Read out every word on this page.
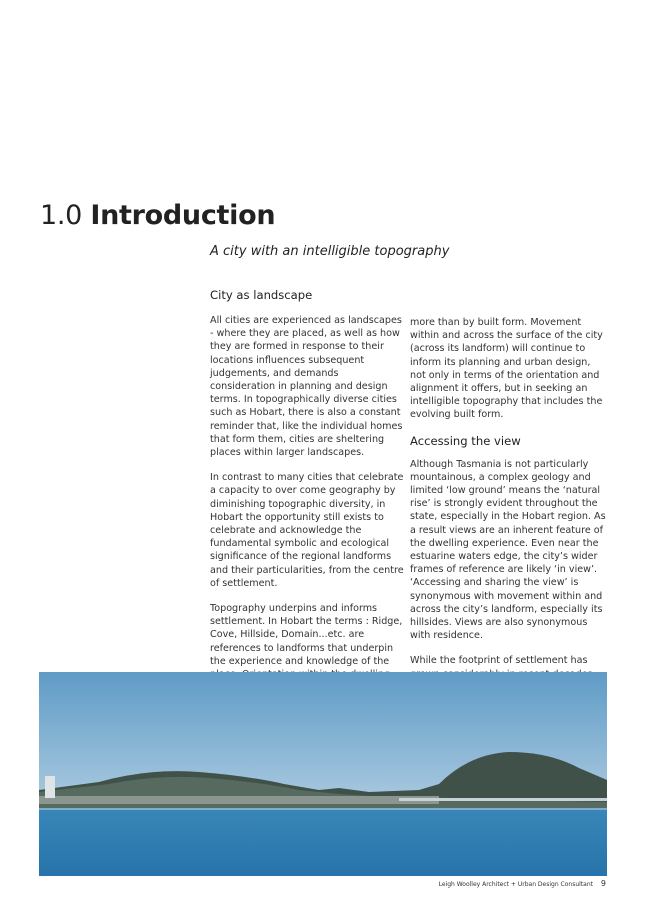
1.0 Introduction
A city with an intelligible topography
City as landscape

All cities are experienced as landscapes - where they are placed, as well as how they are formed in response to their locations influences subsequent judgements, and demands consideration in planning and design terms. In topographically diverse cities such as Hobart, there is also a constant reminder that, like the individual homes that form them, cities are sheltering places within larger landscapes.

In contrast to many cities that celebrate a capacity to over come geography by diminishing topographic diversity, in Hobart the opportunity still exists to celebrate and acknowledge the fundamental symbolic and ecological significance of the regional landforms and their particularities, from the centre of settlement.

Topography underpins and informs settlement. In Hobart the terms : Ridge, Cove, Hillside, Domain...etc. are references to landforms that underpin the experience and knowledge of the

more than by built form. Movement within and across the surface of the city (across its landform) will continue to inform its planning and urban design, not only in terms of the orientation and alignment it offers, but in seeking an intelligible topography that includes the evolving built form.

Accessing the view

Although Tasmania is not particularly mountainous, a complex geology and limited ‘low ground’ means the ‘natural rise’ is strongly evident throughout the state, especially in the Hobart region. As a result views are an inherent feature of the dwelling experience. Even near the estuarine waters edge, the city’s wider frames of reference are likely ‘in view’. ‘Accessing and sharing the view’ is synonymous with movement within and across the city’s landform, especially its hillsides. Views are also synonymous with residence.

While the footprint of settlement has

Leigh Woolley Architect + Urban Design Consultant 9
